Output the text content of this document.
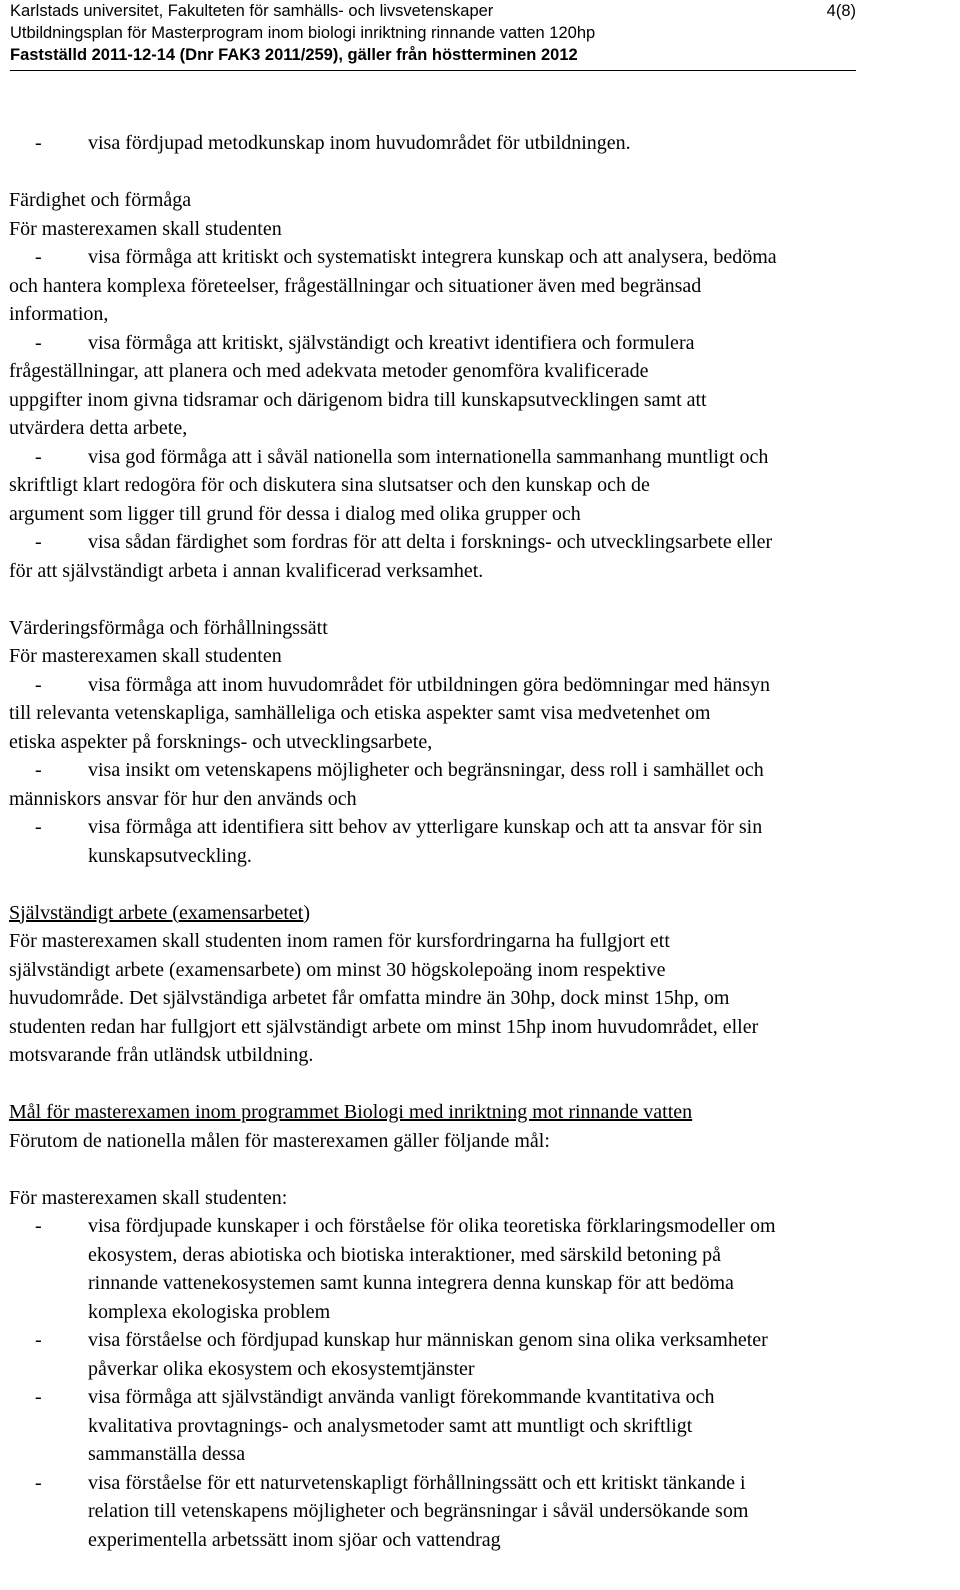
Karlstads universitet, Fakulteten för samhälls- och livsvetenskaper	4(8)
Utbildningsplan för Masterprogram inom biologi inriktning rinnande vatten 120hp
Fastställd 2011-12-14 (Dnr FAK3 2011/259), gäller från höstterminen 2012
- visa fördjupad metodkunskap inom huvudområdet för utbildningen.
Färdighet och förmåga
För masterexamen skall studenten
- visa förmåga att kritiskt och systematiskt integrera kunskap och att analysera, bedöma
och hantera komplexa företeelser, frågeställningar och situationer även med begränsad
information,
- visa förmåga att kritiskt, självständigt och kreativt identifiera och formulera
frågeställningar, att planera och med adekvata metoder genomföra kvalificerade
uppgifter inom givna tidsramar och därigenom bidra till kunskapsutvecklingen samt att
utvärdera detta arbete,
- visa god förmåga att i såväl nationella som internationella sammanhang muntligt och
skriftligt klart redogöra för och diskutera sina slutsatser och den kunskap och de
argument som ligger till grund för dessa i dialog med olika grupper och
- visa sådan färdighet som fordras för att delta i forsknings- och utvecklingsarbete eller
för att självständigt arbeta i annan kvalificerad verksamhet.
Värderingsförmåga och förhållningssätt
För masterexamen skall studenten
- visa förmåga att inom huvudområdet för utbildningen göra bedömningar med hänsyn
till relevanta vetenskapliga, samhälleliga och etiska aspekter samt visa medvetenhet om
etiska aspekter på forsknings- och utvecklingsarbete,
- visa insikt om vetenskapens möjligheter och begränsningar, dess roll i samhället och
människors ansvar för hur den används och
- visa förmåga att identifiera sitt behov av ytterligare kunskap och att ta ansvar för sin
kunskapsutveckling.
Självständigt arbete (examensarbetet)
För masterexamen skall studenten inom ramen för kursfordringarna ha fullgjort ett
självständigt arbete (examensarbete) om minst 30 högskolepoäng inom respektive
huvudområde. Det självständiga arbetet får omfatta mindre än 30hp, dock minst 15hp, om
studenten redan har fullgjort ett självständigt arbete om minst 15hp inom huvudområdet, eller
motsvarande från utländsk utbildning.
Mål för masterexamen inom programmet Biologi med inriktning mot rinnande vatten
Förutom de nationella målen för masterexamen gäller följande mål:
För masterexamen skall studenten:
- visa fördjupade kunskaper i och förståelse för olika teoretiska förklaringsmodeller om
ekosystem, deras abiotiska och biotiska interaktioner, med särskild betoning på
rinnande vattenekosystemen samt kunna integrera denna kunskap för att bedöma
komplexa ekologiska problem
- visa förståelse och fördjupad kunskap hur människan genom sina olika verksamheter
påverkar olika ekosystem och ekosystemtjänster
- visa förmåga att självständigt använda vanligt förekommande kvantitativa och
kvalitativa provtagnings- och analysmetoder samt att muntligt och skriftligt
sammanställa dessa
- visa förståelse för ett naturvetenskapligt förhållningssätt och ett kritiskt tänkande i
relation till vetenskapens möjligheter och begränsningar i såväl undersökande som
experimentella arbetssätt inom sjöar och vattendrag
